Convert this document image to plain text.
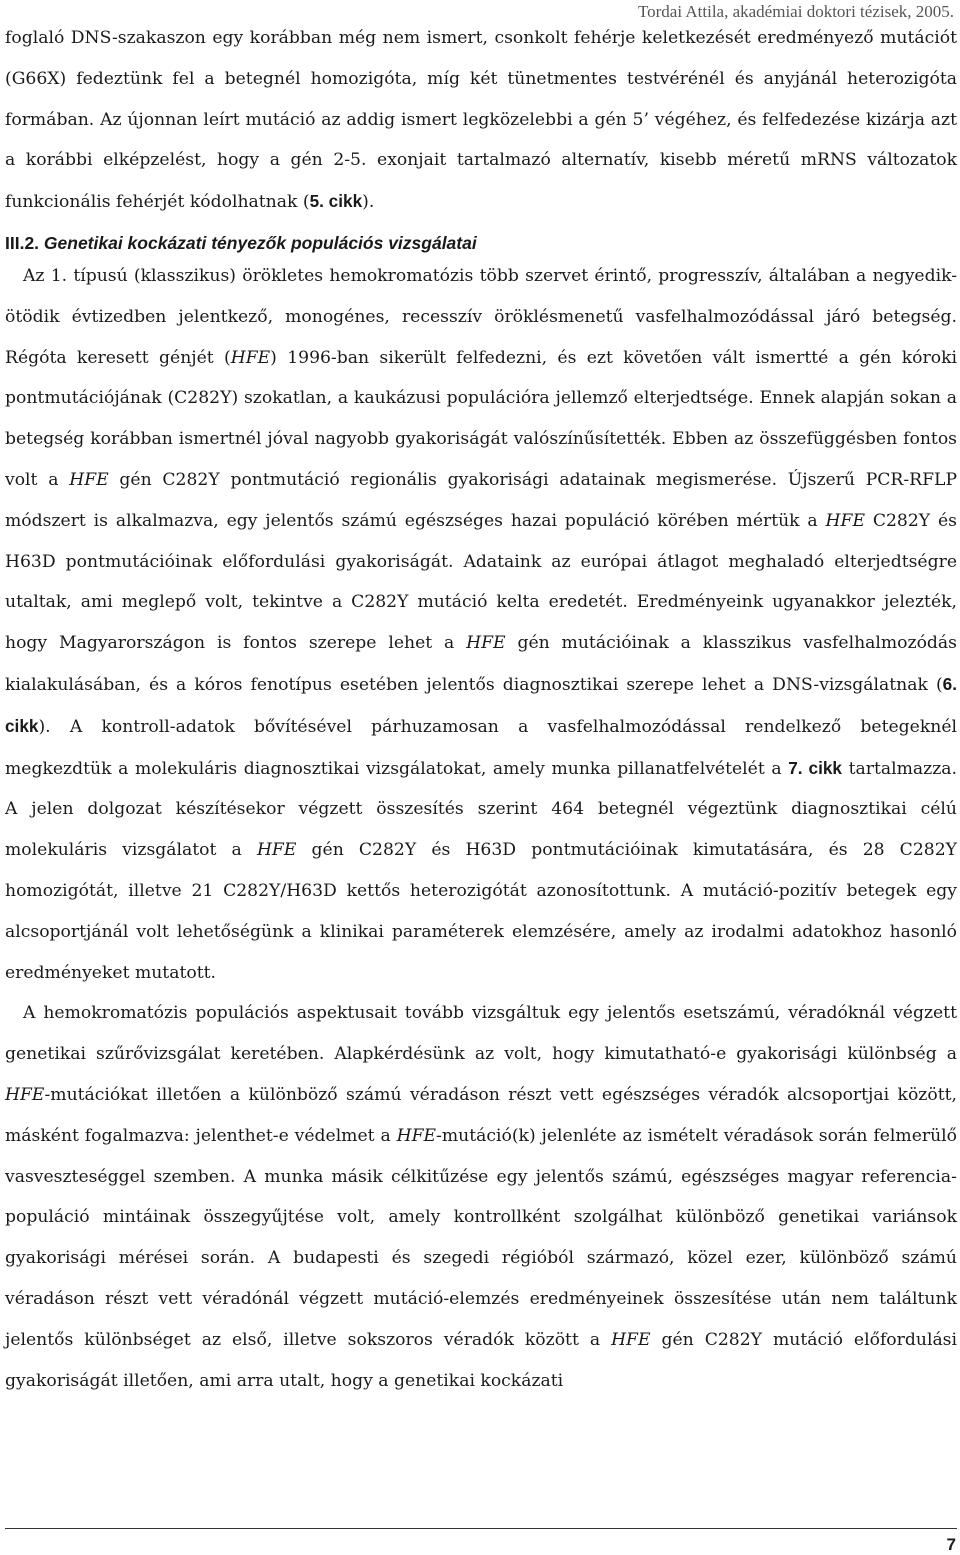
Tordai Attila, akadémiai doktori tézisek, 2005.

foglaló DNS-szakaszon egy korábban még nem ismert, csonkolt fehérje keletkezését eredményező mutációt (G66X) fedeztünk fel a betegnél homozigóta, míg két tünetmentes testvérénél és anyjánál heterozigóta formában. Az újonnan leírt mutáció az addig ismert legközelebbi a gén 5’ végéhez, és felfedezése kizárja azt a korábbi elképzelést, hogy a gén 2-5. exonjait tartalmazó alternatív, kisebb méretű mRNS változatok funkcionális fehérjét kódolhatnak (5. cikk).

III.2. Genetikai kockázati tényezők populációs vizsgálatai

Az 1. típusú (klasszikus) örökletes hemokromatózis több szervet érintő, progresszív, általában a negyedik-ötödik évtizedben jelentkező, monogénes, recesszív öröklésmenetű vasfelhalmozódással járó betegség. Régóta keresett génjét (HFE) 1996-ban sikerült felfedezni, és ezt követően vált ismertté a gén kóroki pontmutációjának (C282Y) szokatlan, a kaukázusi populációra jellemző elterjedtsége. Ennek alapján sokan a betegség korábban ismertnél jóval nagyobb gyakoriságát valószínűsítették. Ebben az összefüggésben fontos volt a HFE gén C282Y pontmutáció regionális gyakorisági adatainak megismerése. Újszerű PCR-RFLP módszert is alkalmazva, egy jelentős számú egészséges hazai populáció körében mértük a HFE C282Y és H63D pontmutációinak előfordulási gyakoriságát. Adataink az európai átlagot meghaladó elterjedtségre utaltak, ami meglepő volt, tekintve a C282Y mutáció kelta eredetét. Eredményeink ugyanakkor jelezték, hogy Magyarországon is fontos szerepe lehet a HFE gén mutációinak a klasszikus vasfelhalmozódás kialakulásában, és a kóros fenotípus esetében jelentős diagnosztikai szerepe lehet a DNS-vizsgálatnak (6. cikk). A kontroll-adatok bővítésével párhuzamosan a vasfelhalmozódással rendelkező betegeknél megkezdtük a molekuláris diagnosztikai vizsgálatokat, amely munka pillanatfelvételét a 7. cikk tartalmazza. A jelen dolgozat készítésekor végzett összesítés szerint 464 betegnél végeztünk diagnosztikai célú molekuláris vizsgálatot a HFE gén C282Y és H63D pontmutációinak kimutatására, és 28 C282Y homozigótát, illetve 21 C282Y/H63D kettős heterozigótát azonosítottunk. A mutáció-pozitív betegek egy alcsoportjánál volt lehetőségünk a klinikai paraméterek elemzésére, amely az irodalmi adatokhoz hasonló eredményeket mutatott.

A hemokromatózis populációs aspektusait tovább vizsgáltuk egy jelentős esetszámú, véradóknál végzett genetikai szűrővizsgálat keretében. Alapkérdésünk az volt, hogy kimutatható-e gyakorisági különbség a HFE-mutációkat illetően a különböző számú véradáson részt vett egészséges véradók alcsoportjai között, másként fogalmazva: jelenthet-e védelmet a HFE-mutáció(k) jelenléte az ismételt véradások során felmerülő vasveszteséggel szemben. A munka másik célkitűzése egy jelentős számú, egészséges magyar referencia-populáció mintáinak összegyűjtése volt, amely kontrollként szolgálhat különböző genetikai variánsok gyakorisági mérései során. A budapesti és szegedi régióból származó, közel ezer, különböző számú véradáson részt vett véradónál végzett mutáció-elemzés eredményeinek összesítése után nem találtunk jelentős különbséget az első, illetve sokszoros véradók között a HFE gén C282Y mutáció előfordulási gyakoriságát illetően, ami arra utalt, hogy a genetikai kockázati

7
